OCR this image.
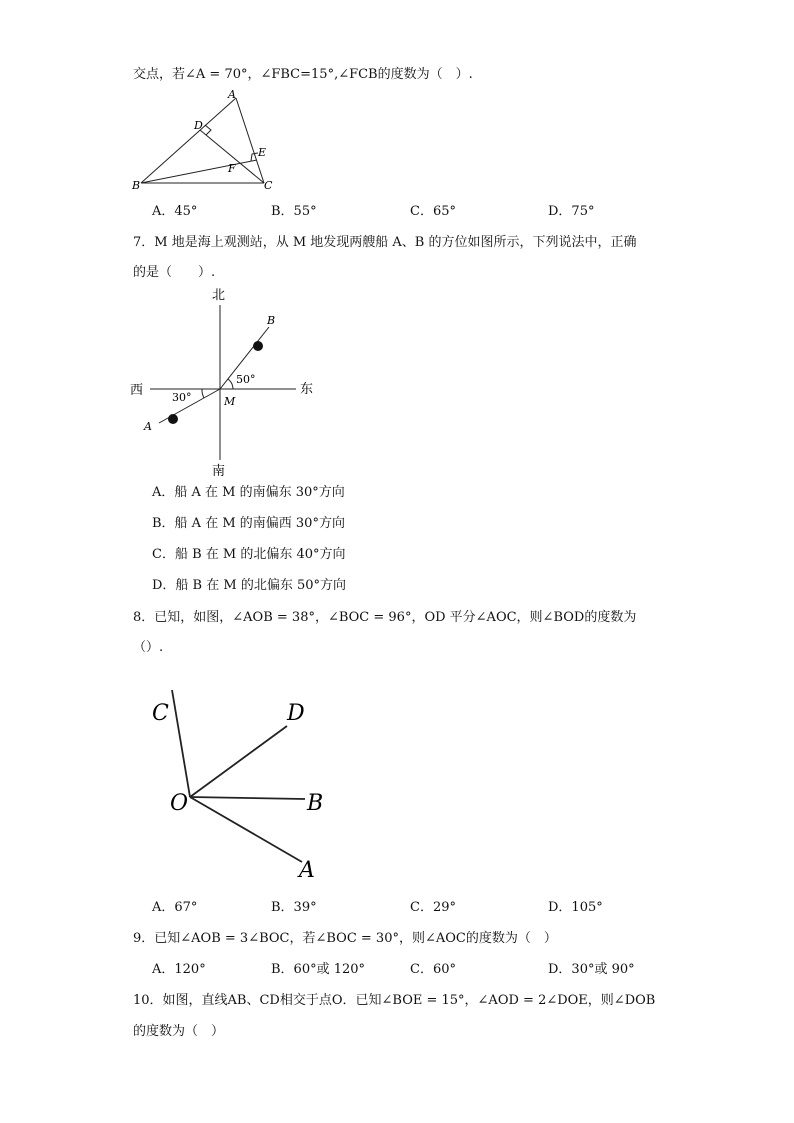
交点，若∠A = 70°，∠FBC=15°,∠FCB的度数为（　）.
A
D
E
F
B	C
A．45°	B．55°	C．65°	D．75°
7．M 地是海上观测站，从 M 地发现两艘船 A、B 的方位如图所示，下列说法中，正确
的是（　　）.
北
南
西	东
B
A
M
30°
50°
A．船 A 在 M 的南偏东 30°方向
B．船 A 在 M 的南偏西 30°方向
C．船 B 在 M 的北偏东 40°方向
D．船 B 在 M 的北偏东 50°方向
8．已知，如图，∠AOB = 38°，∠BOC = 96°，OD 平分∠AOC，则∠BOD的度数为
（）.
C	D
O	B
A
A．67°	B．39°	C．29°	D．105°
9．已知∠AOB = 3∠BOC，若∠BOC = 30°，则∠AOC的度数为（　）
A．120°	B．60°或 120°	C．60°	D．30°或 90°
10．如图，直线AB、CD相交于点O．已知∠BOE = 15°，∠AOD = 2∠DOE，则∠DOB
的度数为（　）
